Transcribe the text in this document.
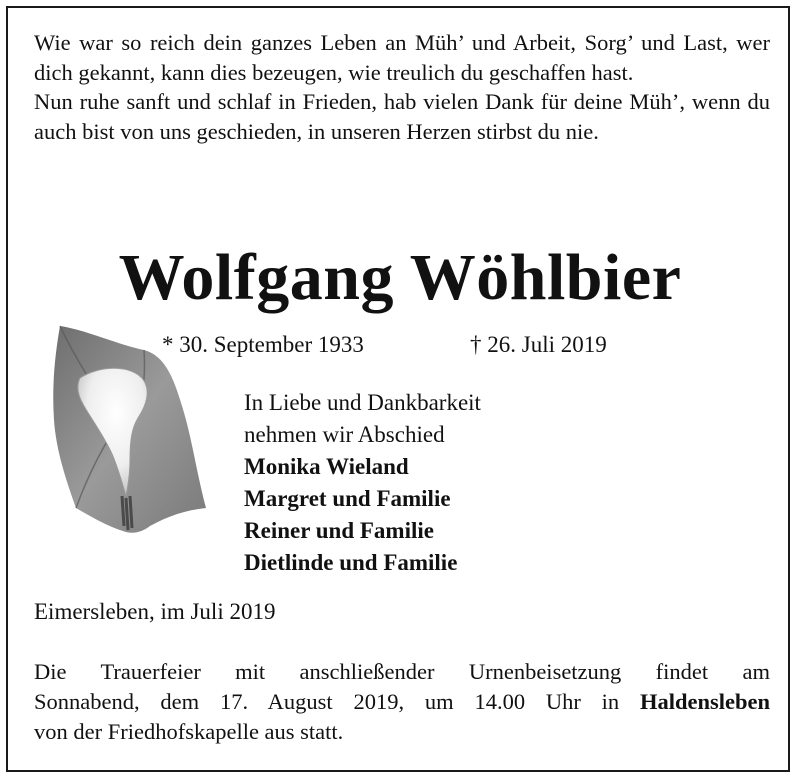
Wie war so reich dein ganzes Leben an Müh’ und Arbeit, Sorg’ und Last, wer dich gekannt, kann dies bezeugen, wie treulich du geschaffen hast.

Nun ruhe sanft und schlaf in Frieden, hab vielen Dank für deine Müh’, wenn du auch bist von uns geschieden, in unseren Herzen stirbst du nie.

Wolfgang Wöhlbier
* 30. September 1933	† 26. Juli 2019
In Liebe und Dankbarkeit
nehmen wir Abschied
Monika Wieland
Margret und Familie
Reiner und Familie
Dietlinde und Familie
Eimersleben, im Juli 2019
Die Trauerfeier mit anschließender Urnenbeisetzung findet am
Sonnabend, dem 17. August 2019, um 14.00 Uhr in Haldensleben
von der Friedhofskapelle aus statt.
